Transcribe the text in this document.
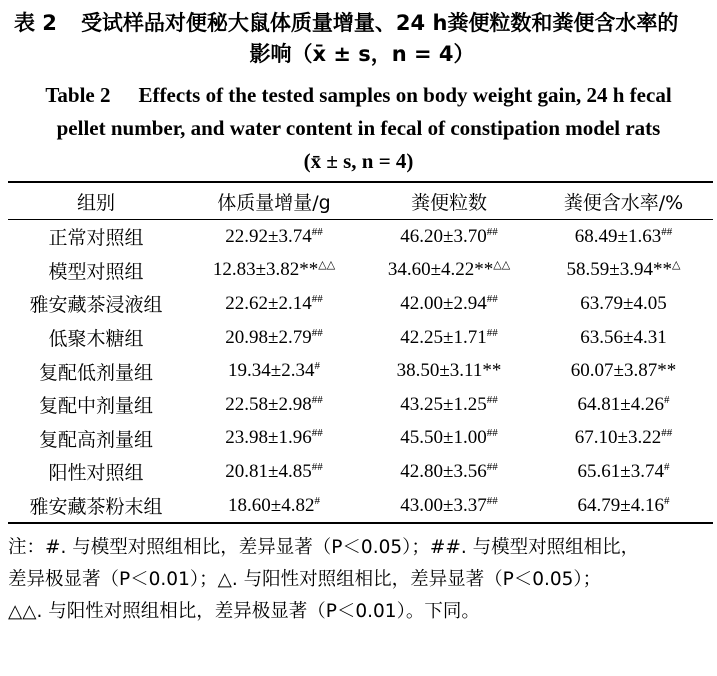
表 2 受试样品对便秘大鼠体质量增量、24 h粪便粒数和粪便含水率的
影响（x̄ ± s，n = 4）
Table 2 Effects of the tested samples on body weight gain, 24 h fecal
pellet number, and water content in fecal of constipation model rats
(x̄ ± s, n = 4)
组别	体质量增量/g	粪便粒数	粪便含水率/%
正常对照组	22.92±3.74##	46.20±3.70##	68.49±1.63##
模型对照组	12.83±3.82**△△	34.60±4.22**△△	58.59±3.94**△
雅安藏茶浸液组	22.62±2.14##	42.00±2.94##	63.79±4.05
低聚木糖组	20.98±2.79##	42.25±1.71##	63.56±4.31
复配低剂量组	19.34±2.34#	38.50±3.11**	60.07±3.87**
复配中剂量组	22.58±2.98##	43.25±1.25##	64.81±4.26#
复配高剂量组	23.98±1.96##	45.50±1.00##	67.10±3.22##
阳性对照组	20.81±4.85##	42.80±3.56##	65.61±3.74#
雅安藏茶粉末组	18.60±4.82#	43.00±3.37##	64.79±4.16#
注：#. 与模型对照组相比，差异显著（P＜0.05）；##. 与模型对照组相比，
差异极显著（P＜0.01）；△. 与阳性对照组相比，差异显著（P＜0.05）；
△△. 与阳性对照组相比，差异极显著（P＜0.01）。下同。
